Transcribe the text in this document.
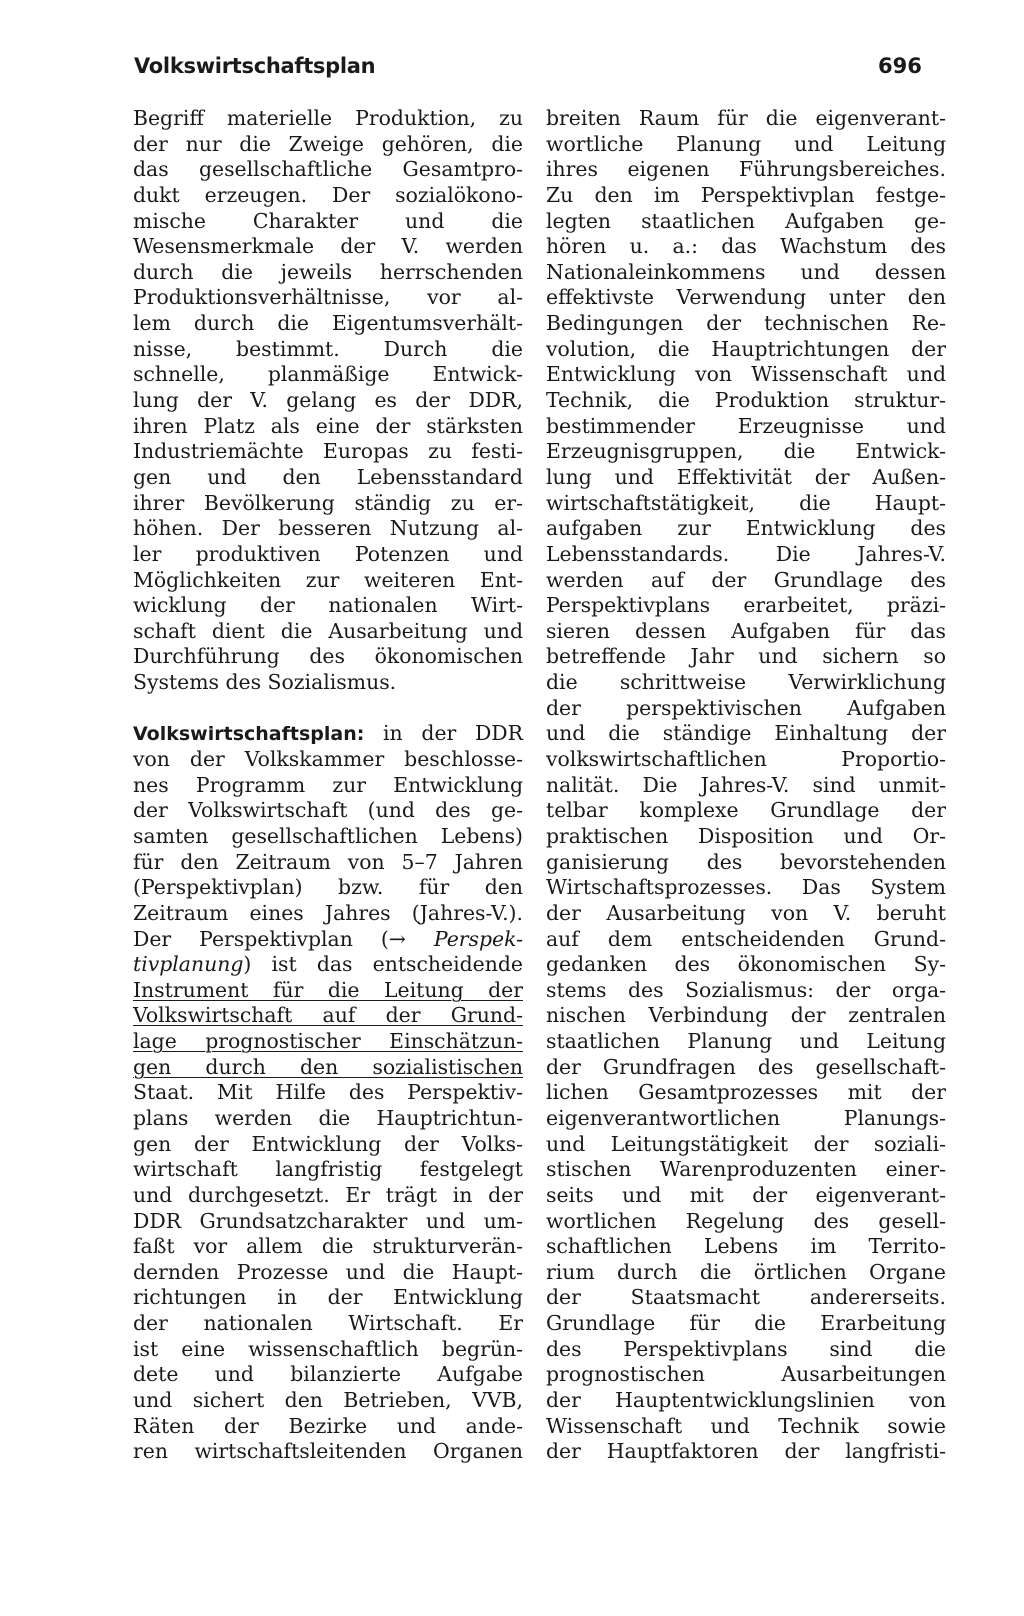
Volkswirtschaftsplan	696
Begriff materielle Produktion, zu
der nur die Zweige gehören, die
das gesellschaftliche Gesamtpro-
dukt erzeugen. Der sozialökono-
mische Charakter und die
Wesensmerkmale der V. werden
durch die jeweils herrschenden
Produktionsverhältnisse, vor al-
lem durch die Eigentumsverhält-
nisse, bestimmt. Durch die
schnelle, planmäßige Entwick-
lung der V. gelang es der DDR,
ihren Platz als eine der stärksten
Industriemächte Europas zu festi-
gen und den Lebensstandard
ihrer Bevölkerung ständig zu er-
höhen. Der besseren Nutzung al-
ler produktiven Potenzen und
Möglichkeiten zur weiteren Ent-
wicklung der nationalen Wirt-
schaft dient die Ausarbeitung und
Durchführung des ökonomischen
Systems des Sozialismus.
Volkswirtschaftsplan: in der DDR
von der Volkskammer beschlosse-
nes Programm zur Entwicklung
der Volkswirtschaft (und des ge-
samten gesellschaftlichen Lebens)
für den Zeitraum von 5–7 Jahren
(Perspektivplan) bzw. für den
Zeitraum eines Jahres (Jahres-V.).
Der Perspektivplan (→ Perspek-
tivplanung) ist das entscheidende
Instrument für die Leitung der
Volkswirtschaft auf der Grund-
lage prognostischer Einschätzun-
gen durch den sozialistischen
Staat. Mit Hilfe des Perspektiv-
plans werden die Hauptrichtun-
gen der Entwicklung der Volks-
wirtschaft langfristig festgelegt
und durchgesetzt. Er trägt in der
DDR Grundsatzcharakter und um-
faßt vor allem die strukturverän-
dernden Prozesse und die Haupt-
richtungen in der Entwicklung
der nationalen Wirtschaft. Er
ist eine wissenschaftlich begrün-
dete und bilanzierte Aufgabe
und sichert den Betrieben, VVB,
Räten der Bezirke und ande-
ren wirtschaftsleitenden Organen
breiten Raum für die eigenverant-
wortliche Planung und Leitung
ihres eigenen Führungsbereiches.
Zu den im Perspektivplan festge-
legten staatlichen Aufgaben ge-
hören u. a.: das Wachstum des
Nationaleinkommens und dessen
effektivste Verwendung unter den
Bedingungen der technischen Re-
volution, die Hauptrichtungen der
Entwicklung von Wissenschaft und
Technik, die Produktion struktur-
bestimmender Erzeugnisse und
Erzeugnisgruppen, die Entwick-
lung und Effektivität der Außen-
wirtschaftstätigkeit, die Haupt-
aufgaben zur Entwicklung des
Lebensstandards. Die Jahres-V.
werden auf der Grundlage des
Perspektivplans erarbeitet, präzi-
sieren dessen Aufgaben für das
betreffende Jahr und sichern so
die schrittweise Verwirklichung
der perspektivischen Aufgaben
und die ständige Einhaltung der
volkswirtschaftlichen Proportio-
nalität. Die Jahres-V. sind unmit-
telbar komplexe Grundlage der
praktischen Disposition und Or-
ganisierung des bevorstehenden
Wirtschaftsprozesses. Das System
der Ausarbeitung von V. beruht
auf dem entscheidenden Grund-
gedanken des ökonomischen Sy-
stems des Sozialismus: der orga-
nischen Verbindung der zentralen
staatlichen Planung und Leitung
der Grundfragen des gesellschaft-
lichen Gesamtprozesses mit der
eigenverantwortlichen Planungs-
und Leitungstätigkeit der soziali-
stischen Warenproduzenten einer-
seits und mit der eigenverant-
wortlichen Regelung des gesell-
schaftlichen Lebens im Territo-
rium durch die örtlichen Organe
der Staatsmacht andererseits.
Grundlage für die Erarbeitung
des Perspektivplans sind die
prognostischen Ausarbeitungen
der Hauptentwicklungslinien von
Wissenschaft und Technik sowie
der Hauptfaktoren der langfristi-
